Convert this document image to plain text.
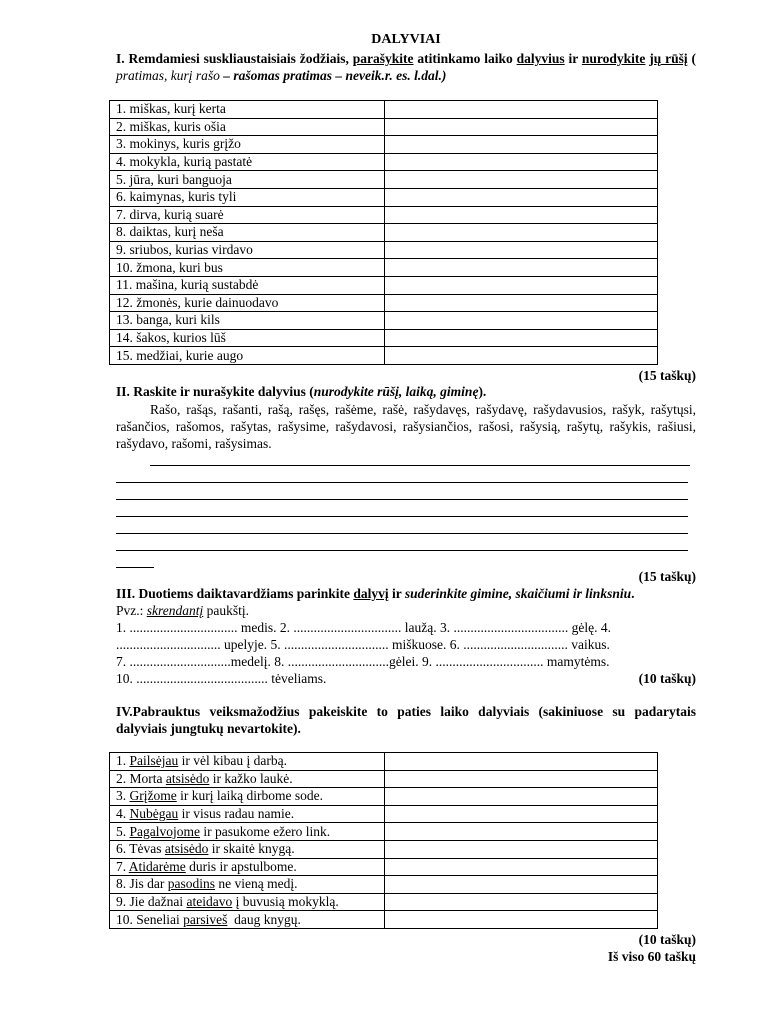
DALYVIAI

I. Remdamiesi suskliaustaisiais žodžiais, parašykite atitinkamo laiko dalyvius ir nurodykite jų rūšį ( pratimas, kurį rašo – rašomas pratimas – neveik.r. es. l.dal.)

1. miškas, kurį kerta	
2. miškas, kuris ošia	
3. mokinys, kuris grįžo	
4. mokykla, kurią pastatė	
5. jūra, kuri banguoja	
6. kaimynas, kuris tyli	
7. dirva, kurią suarė	
8. daiktas, kurį neša	
9. sriubos, kurias virdavo	
10. žmona, kuri bus	
11. mašina, kurią sustabdė	
12. žmonės, kurie dainuodavo	
13. banga, kuri kils	
14. šakos, kurios lūš	
15. medžiai, kurie augo	
(15 taškų)

II. Raskite ir nurašykite dalyvius (nurodykite rūšį, laiką, giminę).

Rašo, rašąs, rašanti, rašą, rašęs, rašėme, rašė, rašydavęs, rašydavę, rašydavusios, rašyk, rašytųsi, rašančios, rašomos, rašytas, rašysime, rašydavosi, rašysiančios, rašosi, rašysią, rašytų, rašykis, rašiusi, rašydavo, rašomi, rašysimas.

(15 taškų)

III. Duotiems daiktavardžiams parinkite dalyvį ir suderinkite gimine, skaičiumi ir linksniu.

Pvz.: skrendantį paukštį.

1. ................................ medis. 2. ................................ laužą. 3. .................................. gėlę. 4.

............................... upelyje. 5. ............................... miškuose. 6. ............................... vaikus.

7. ..............................medelį. 8. ..............................gėlei. 9. ................................ mamytėms.

10. ....................................... tėveliams.	(10 taškų)

IV.Pabrauktus veiksmažodžius pakeiskite to paties laiko dalyviais (sakiniuose su padarytais dalyviais jungtukų nevartokite).

1. Pailsėjau ir vėl kibau į darbą.	
2. Morta atsisėdo ir kažko laukė.	
3. Grįžome ir kurį laiką dirbome sode.	
4. Nubėgau ir visus radau namie.	
5. Pagalvojome ir pasukome ežero link.	
6. Tėvas atsisėdo ir skaitė knygą.	
7. Atidarėme duris ir apstulbome.	
8. Jis dar pasodins ne vieną medį.	
9. Jie dažnai ateidavo į buvusią mokyklą.	
10. Seneliai parsiveš  daug knygų.	
(10 taškų)
Iš viso 60 taškų
